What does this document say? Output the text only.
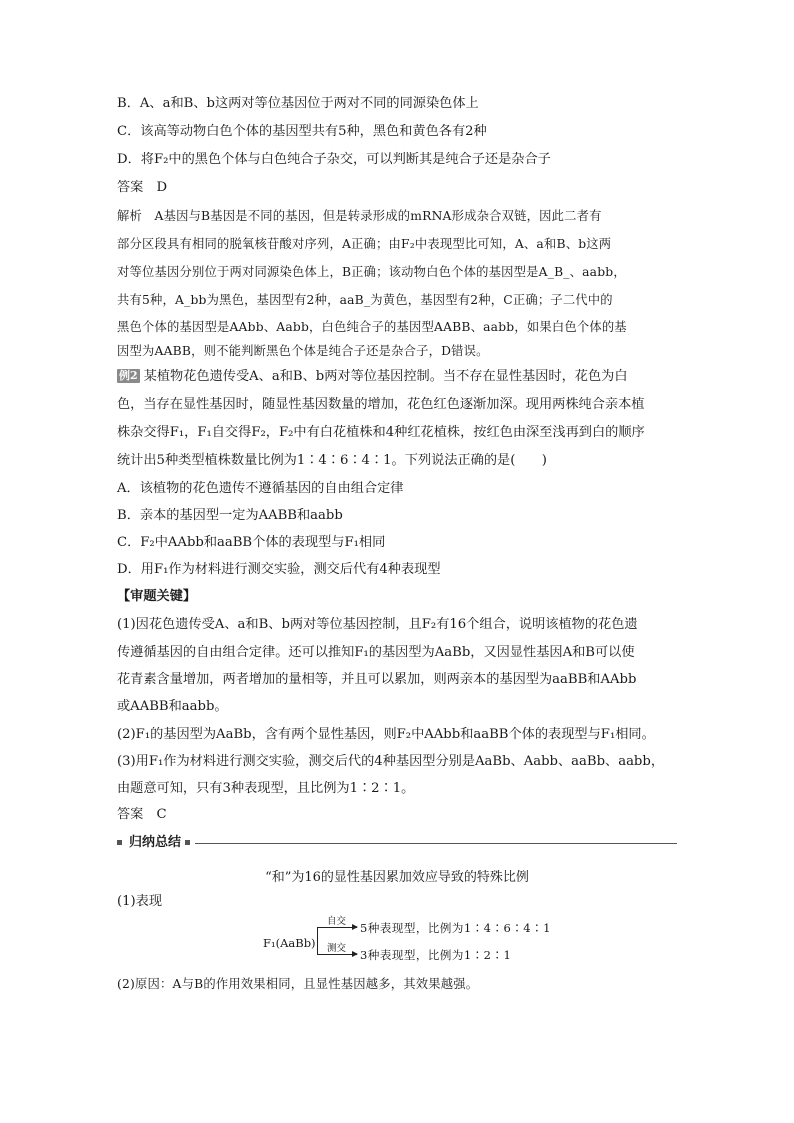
B．A、a和B、b这两对等位基因位于两对不同的同源染色体上
C．该高等动物白色个体的基因型共有5种，黑色和黄色各有2种
D．将F₂中的黑色个体与白色纯合子杂交，可以判断其是纯合子还是杂合子
答案　D
解析　A基因与B基因是不同的基因，但是转录形成的mRNA形成杂合双链，因此二者有
部分区段具有相同的脱氧核苷酸对序列，A正确；由F₂中表现型比可知，A、a和B、b这两
对等位基因分别位于两对同源染色体上，B正确；该动物白色个体的基因型是A_B_、aabb，
共有5种，A_bb为黑色，基因型有2种，aaB_为黄色，基因型有2种，C正确；子二代中的
黑色个体的基因型是AAbb、Aabb，白色纯合子的基因型AABB、aabb，如果白色个体的基
因型为AABB，则不能判断黑色个体是纯合子还是杂合子，D错误。
例2 某植物花色遗传受A、a和B、b两对等位基因控制。当不存在显性基因时，花色为白
色，当存在显性基因时，随显性基因数量的增加，花色红色逐渐加深。现用两株纯合亲本植
株杂交得F₁，F₁自交得F₂，F₂中有白花植株和4种红花植株，按红色由深至浅再到白的顺序
统计出5种类型植株数量比例为1∶4∶6∶4∶1。下列说法正确的是(　　)
A．该植物的花色遗传不遵循基因的自由组合定律
B．亲本的基因型一定为AABB和aabb
C．F₂中AAbb和aaBB个体的表现型与F₁相同
D．用F₁作为材料进行测交实验，测交后代有4种表现型
【审题关键】
(1)因花色遗传受A、a和B、b两对等位基因控制，且F₂有16个组合，说明该植物的花色遗
传遵循基因的自由组合定律。还可以推知F₁的基因型为AaBb，又因显性基因A和B可以使
花青素含量增加，两者增加的量相等，并且可以累加，则两亲本的基因型为aaBB和AAbb
或AABB和aabb。
(2)F₁的基因型为AaBb，含有两个显性基因，则F₂中AAbb和aaBB个体的表现型与F₁相同。
(3)用F₁作为材料进行测交实验，测交后代的4种基因型分别是AaBb、Aabb、aaBb、aabb，
由题意可知，只有3种表现型，且比例为1∶2∶1。
答案　C
归纳总结
“和”为16的显性基因累加效应导致的特殊比例
(1)表现
F₁(AaBb)
自交
测交
5种表现型，比例为1∶4∶6∶4∶1
3种表现型，比例为1∶2∶1
(2)原因：A与B的作用效果相同，且显性基因越多，其效果越强。
